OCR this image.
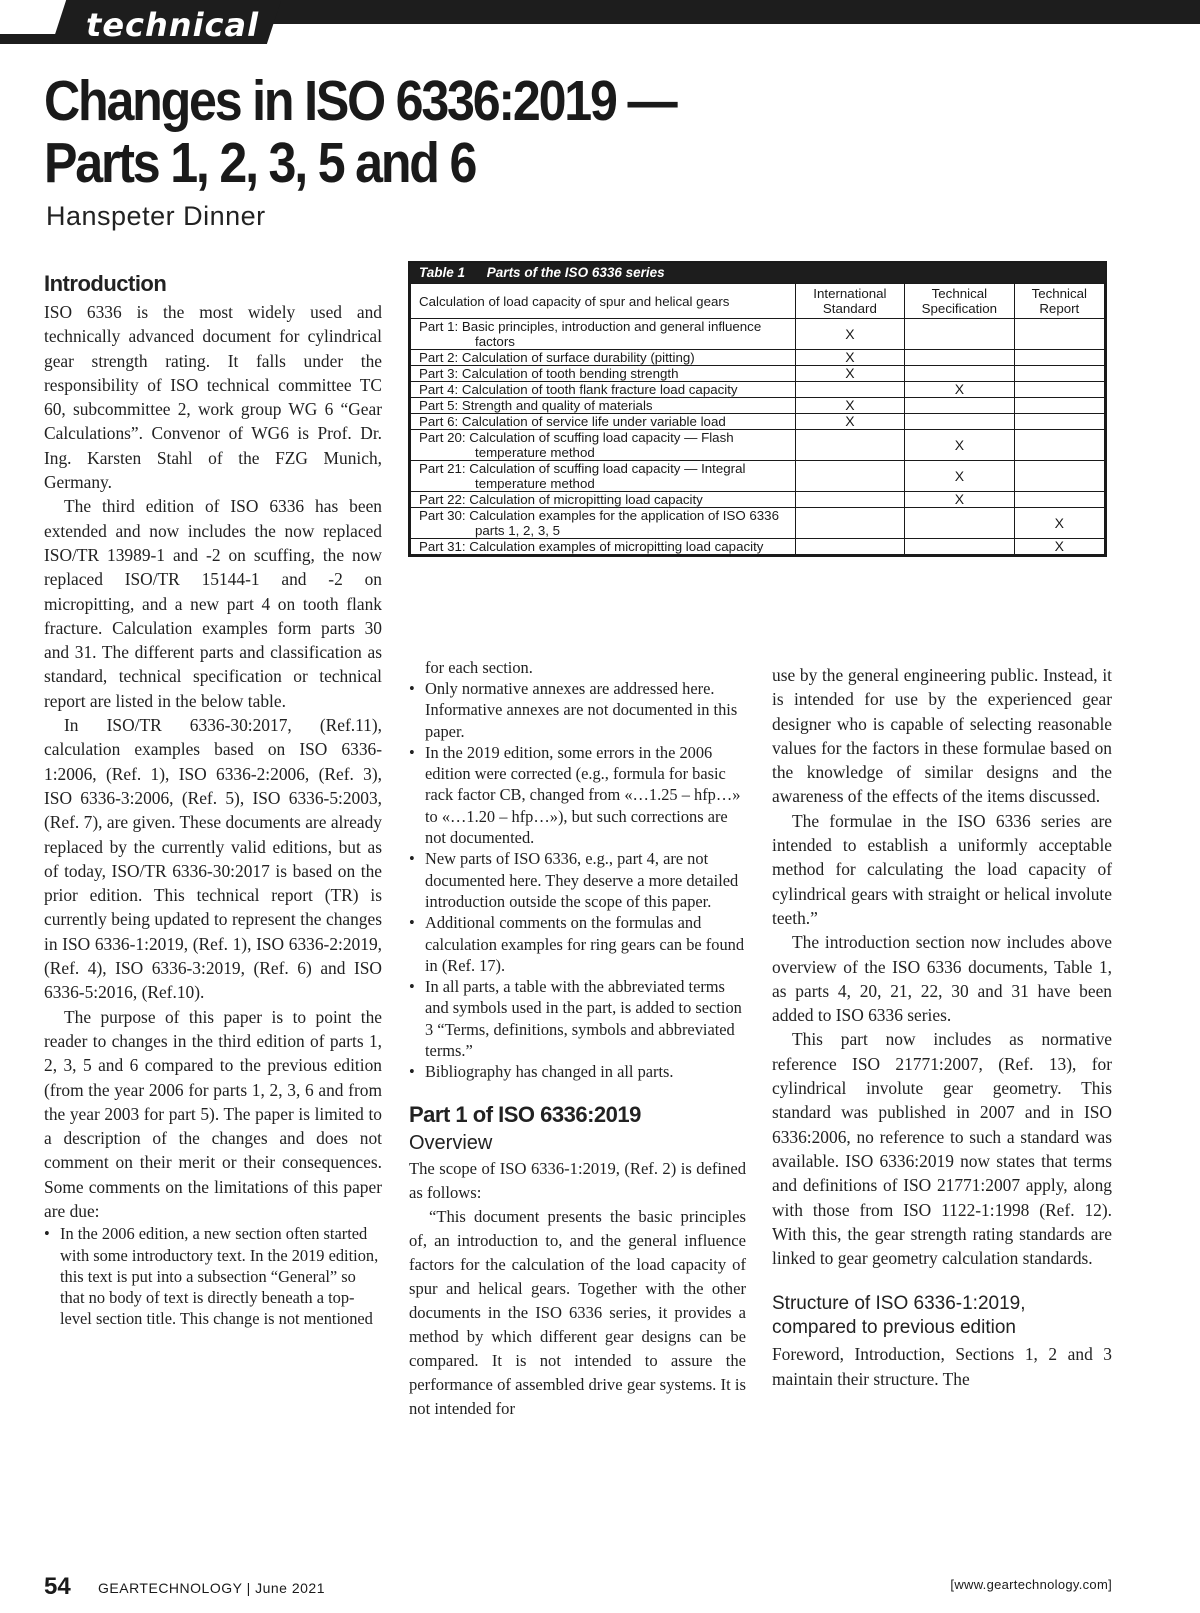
technical
Changes in ISO 6336:2019 —
Parts 1, 2, 3, 5 and 6
Hanspeter Dinner
Introduction

ISO 6336 is the most widely used and technically advanced document for cylindrical gear strength rating. It falls under the responsibility of ISO technical committee TC 60, subcommittee 2, work group WG 6 “Gear Calculations”. Convenor of WG6 is Prof. Dr. Ing. Karsten Stahl of the FZG Munich, Germany.

The third edition of ISO 6336 has been extended and now includes the now replaced ISO/TR 13989-1 and -2 on scuffing, the now replaced ISO/TR 15144-1 and -2 on micropitting, and a new part 4 on tooth flank fracture. Calculation examples form parts 30 and 31. The different parts and classification as standard, technical specification or technical report are listed in the below table.

In ISO/TR 6336-30:2017, (Ref.11), calculation examples based on ISO 6336-1:2006, (Ref. 1), ISO 6336-2:2006, (Ref. 3), ISO 6336-3:2006, (Ref. 5), ISO 6336-5:2003, (Ref. 7), are given. These documents are already replaced by the currently valid editions, but as of today, ISO/TR 6336-30:2017 is based on the prior edition. This technical report (TR) is currently being updated to represent the changes in ISO 6336-1:2019, (Ref. 1), ISO 6336-2:2019, (Ref. 4), ISO 6336-3:2019, (Ref. 6) and ISO 6336-5:2016, (Ref.10).

The purpose of this paper is to point the reader to changes in the third edition of parts 1, 2, 3, 5 and 6 compared to the previous edition (from the year 2006 for parts 1, 2, 3, 6 and from the year 2003 for part 5). The paper is limited to a description of the changes and does not comment on their merit or their consequences. Some comments on the limitations of this paper are due:

• In the 2006 edition, a new section often started with some introductory text. In the 2019 edition, this text is put into a subsection “General” so that no body of text is directly beneath a top-level section title. This change is not mentioned
Table 1 Parts of the ISO 6336 series
Calculation of load capacity of spur and helical gears	International Standard	Technical Specification	Technical Report

Part 1: Basic principles, introduction and general influence factors	X		

Part 2: Calculation of surface durability (pitting)	X		

Part 3: Calculation of tooth bending strength	X		

Part 4: Calculation of tooth flank fracture load capacity		X	

Part 5: Strength and quality of materials	X		

Part 6: Calculation of service life under variable load	X		

Part 20: Calculation of scuffing load capacity — Flash temperature method		X	

Part 21: Calculation of scuffing load capacity — Integral temperature method		X	

Part 22: Calculation of micropitting load capacity		X	

Part 30: Calculation examples for the application of ISO 6336 parts 1, 2, 3, 5			X

Part 31: Calculation examples of micropitting load capacity			X
for each section.
• Only normative annexes are addressed here. Informative annexes are not documented in this paper.
• In the 2019 edition, some errors in the 2006 edition were corrected (e.g., formula for basic rack factor CB, changed from «…1.25 – hfp…» to «…1.20 – hfp…»), but such corrections are not documented.
• New parts of ISO 6336, e.g., part 4, are not documented here. They deserve a more detailed introduction outside the scope of this paper.
• Additional comments on the formulas and calculation examples for ring gears can be found in (Ref. 17).
• In all parts, a table with the abbreviated terms and symbols used in the part, is added to section 3 “Terms, definitions, symbols and abbreviated terms.”
• Bibliography has changed in all parts.
Part 1 of ISO 6336:2019
Overview

The scope of ISO 6336-1:2019, (Ref. 2) is defined as follows:

“This document presents the basic principles of, an introduction to, and the general influence factors for the calculation of the load capacity of spur and helical gears. Together with the other documents in the ISO 6336 series, it provides a method by which different gear designs can be compared. It is not intended to assure the performance of assembled drive gear systems. It is not intended for

use by the general engineering public. Instead, it is intended for use by the experienced gear designer who is capable of selecting reasonable values for the factors in these formulae based on the knowledge of similar designs and the awareness of the effects of the items discussed.

The formulae in the ISO 6336 series are intended to establish a uniformly acceptable method for calculating the load capacity of cylindrical gears with straight or helical involute teeth.”

The introduction section now includes above overview of the ISO 6336 documents, Table 1, as parts 4, 20, 21, 22, 30 and 31 have been added to ISO 6336 series.

This part now includes as normative reference ISO 21771:2007, (Ref. 13), for cylindrical involute gear geometry. This standard was published in 2007 and in ISO 6336:2006, no reference to such a standard was available. ISO 6336:2019 now states that terms and definitions of ISO 21771:2007 apply, along with those from ISO 1122-1:1998 (Ref. 12). With this, the gear strength rating standards are linked to gear geometry calculation standards.

Structure of ISO 6336-1:2019,
compared to previous edition

Foreword, Introduction, Sections 1, 2 and 3 maintain their structure. The

54 GEARTECHNOLOGY | June 2021	[www.geartechnology.com]
